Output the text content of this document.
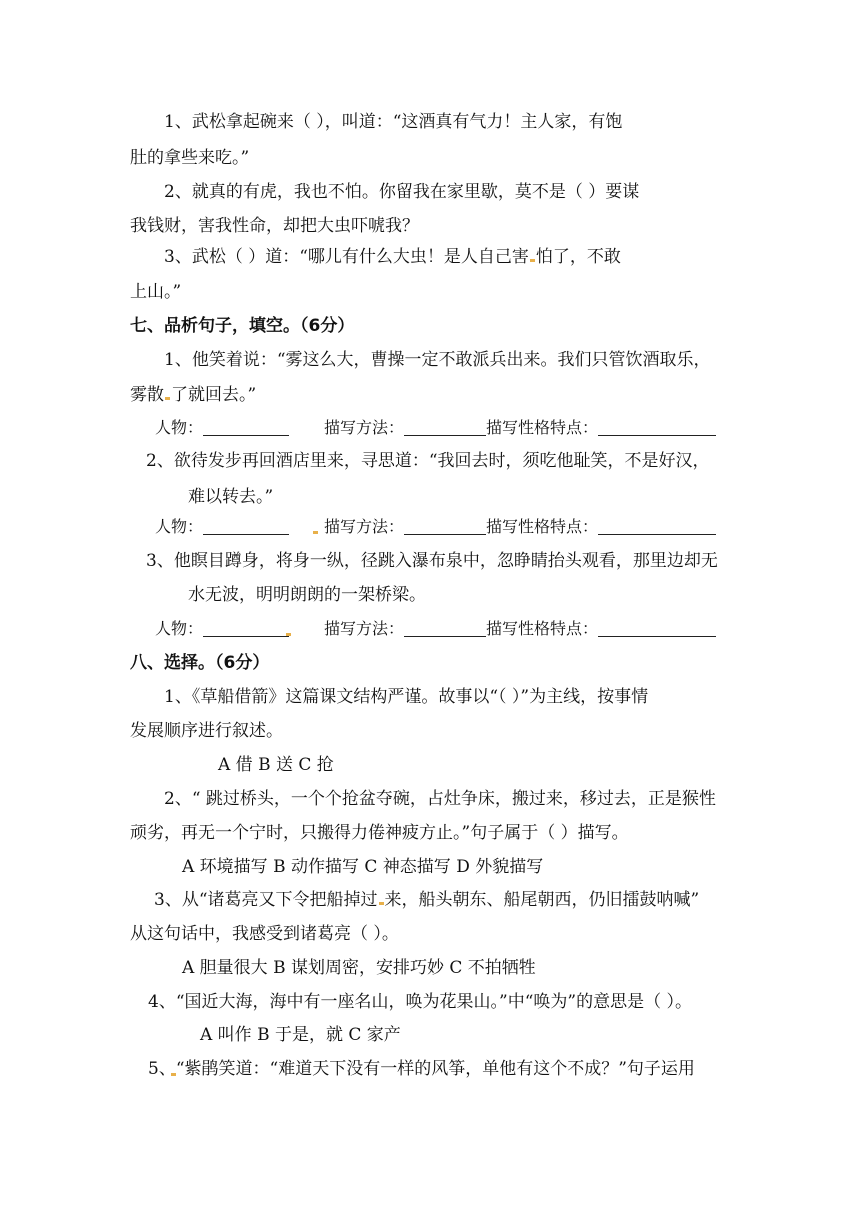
1、武松拿起碗来（ ），叫道：“这酒真有气力！主人家，有饱
肚的拿些来吃。”
2、就真的有虎，我也不怕。你留我在家里歇，莫不是（ ）要谋
我钱财，害我性命，却把大虫吓唬我？
3、武松（ ）道：“哪儿有什么大虫！是人自己害 怕了，不敢
上山。”
七、品析句子，填空。（6分）
1、他笑着说：“雾这么大，曹操一定不敢派兵出来。我们只管饮酒取乐，
雾散 了就回去。”
人物：	描写方法：	描写性格特点：
2、欲待发步再回酒店里来，寻思道：“我回去时，须吃他耻笑，不是好汉，
难以转去。”
人物：	描写方法：	描写性格特点：
3、他瞑目蹲身，将身一纵，径跳入瀑布泉中，忽睁睛抬头观看，那里边却无
水无波，明明朗朗的一架桥梁。
人物：	描写方法：	描写性格特点：
八、选择。（6分）
1、《草船借箭》这篇课文结构严谨。故事以“（ ）”为主线，按事情
发展顺序进行叙述。
A 借 B 送 C 抢
2、“ 跳过桥头，一个个抢盆夺碗，占灶争床，搬过来，移过去，正是猴性
顽劣，再无一个宁时，只搬得力倦神疲方止。”句子属于（ ）描写。
A 环境描写 B 动作描写 C 神态描写 D 外貌描写
3、从“诸葛亮又下令把船掉过 来，船头朝东、船尾朝西，仍旧擂鼓呐喊”
从这句话中，我感受到诸葛亮（ ）。
A 胆量很大 B 谋划周密，安排巧妙 C 不拍牺牲
4、“国近大海，海中有一座名山，唤为花果山。”中“唤为”的意思是（ ）。
A 叫作 B 于是，就 C 家产
5、“紫鹃笑道：“难道天下没有一样的风筝，单他有这个不成？”句子运用
